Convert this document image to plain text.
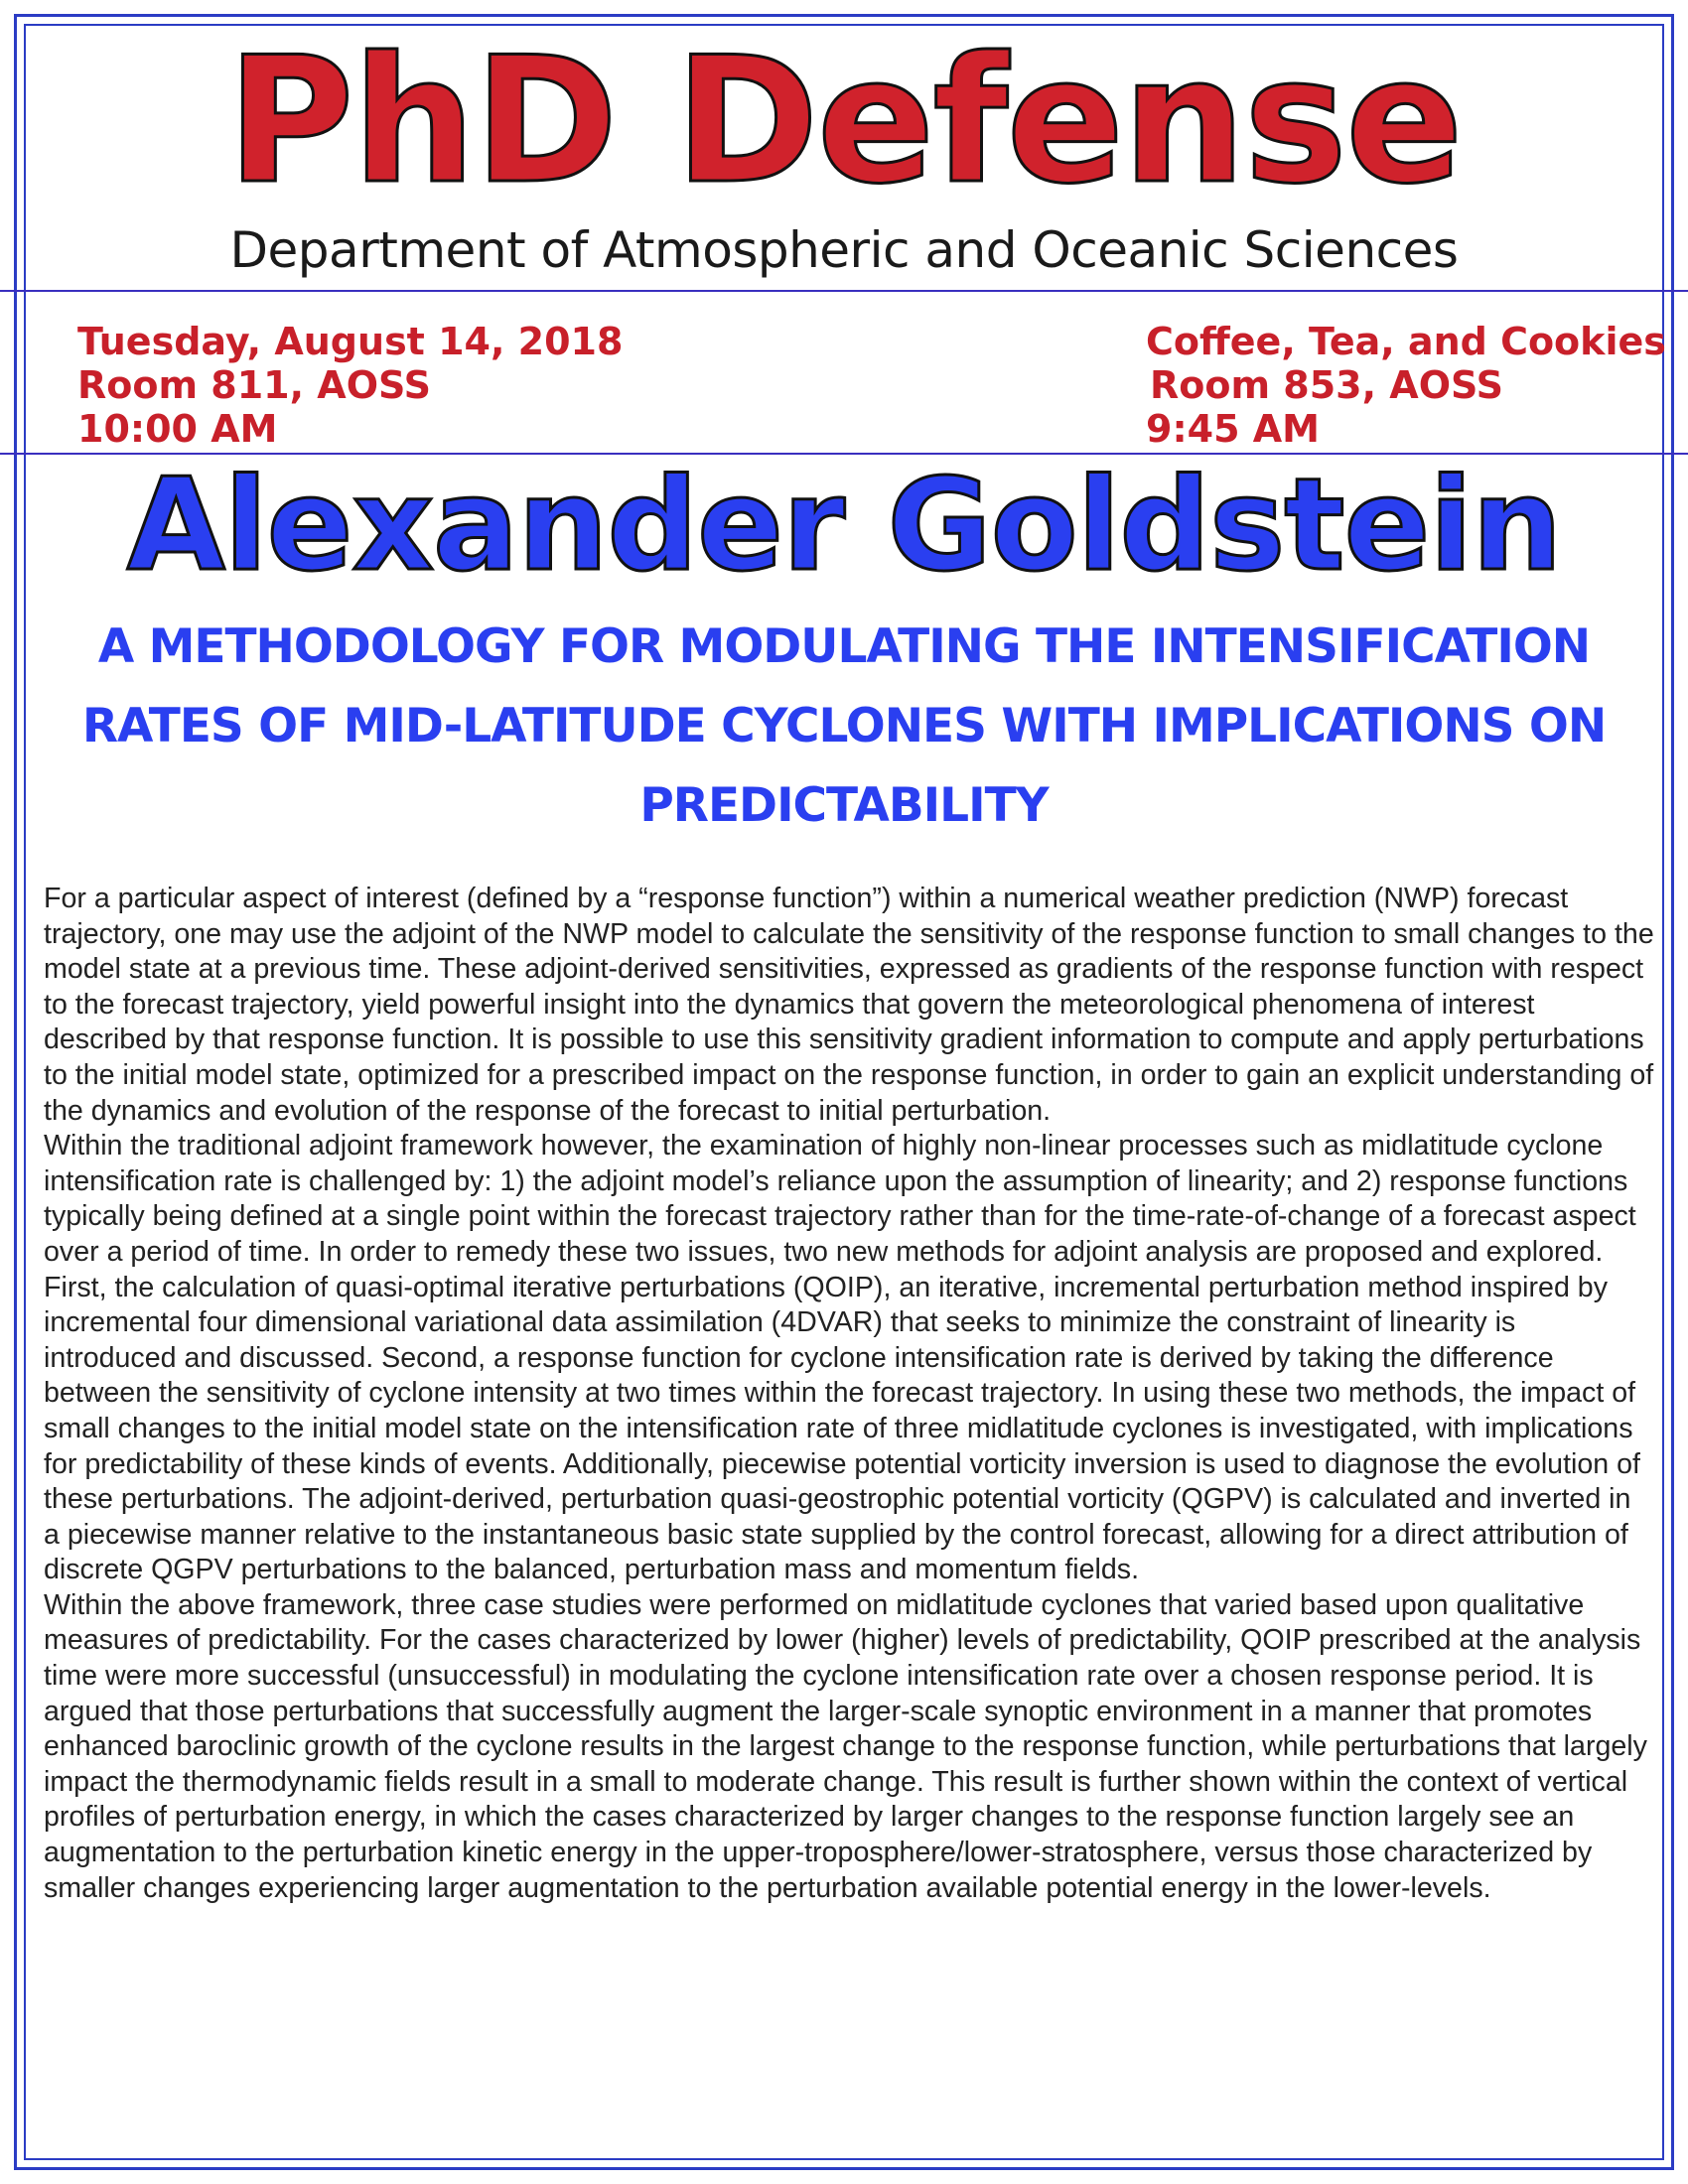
PhD Defense
Department of Atmospheric and Oceanic Sciences
Tuesday, August 14, 2018
Room 811, AOSS
10:00 AM
Coffee, Tea, and Cookies
Room 853, AOSS
9:45 AM
Alexander Goldstein
A METHODOLOGY FOR MODULATING THE INTENSIFICATION
RATES OF MID-LATITUDE CYCLONES WITH IMPLICATIONS ON
PREDICTABILITY

For a particular aspect of interest (defined by a “response function”) within a numerical weather prediction (NWP) forecast trajectory, one may use the adjoint of the NWP model to calculate the sensitivity of the response function to small changes to the model state at a previous time. These adjoint-derived sensitivities, expressed as gradients of the response function with respect to the forecast trajectory, yield powerful insight into the dynamics that govern the meteorological phenomena of interest described by that response function. It is possible to use this sensitivity gradient information to compute and apply perturbations to the initial model state, optimized for a prescribed impact on the response function, in order to gain an explicit understanding of the dynamics and evolution of the response of the forecast to initial perturbation.

Within the traditional adjoint framework however, the examination of highly non-linear processes such as midlatitude cyclone intensification rate is challenged by: 1) the adjoint model’s reliance upon the assumption of linearity; and 2) response functions typically being defined at a single point within the forecast trajectory rather than for the time-rate-of-change of a forecast aspect over a period of time. In order to remedy these two issues, two new methods for adjoint analysis are proposed and explored. First, the calculation of quasi-optimal iterative perturbations (QOIP), an iterative, incremental perturbation method inspired by incremental four dimensional variational data assimilation (4DVAR) that seeks to minimize the constraint of linearity is introduced and discussed. Second, a response function for cyclone intensification rate is derived by taking the difference between the sensitivity of cyclone intensity at two times within the forecast trajectory. In using these two methods, the impact of small changes to the initial model state on the intensification rate of three midlatitude cyclones is investigated, with implications for predictability of these kinds of events. Additionally, piecewise potential vorticity inversion is used to diagnose the evolution of these perturbations. The adjoint-derived, perturbation quasi-geostrophic potential vorticity (QGPV) is calculated and inverted in a piecewise manner relative to the instantaneous basic state supplied by the control forecast, allowing for a direct attribution of discrete QGPV perturbations to the balanced, perturbation mass and momentum fields.

Within the above framework, three case studies were performed on midlatitude cyclones that varied based upon qualitative measures of predictability. For the cases characterized by lower (higher) levels of predictability, QOIP prescribed at the analysis time were more successful (unsuccessful) in modulating the cyclone intensification rate over a chosen response period. It is argued that those perturbations that successfully augment the larger-scale synoptic environment in a manner that promotes enhanced baroclinic growth of the cyclone results in the largest change to the response function, while perturbations that largely impact the thermodynamic fields result in a small to moderate change. This result is further shown within the context of vertical profiles of perturbation energy, in which the cases characterized by larger changes to the response function largely see an augmentation to the perturbation kinetic energy in the upper-troposphere/lower-stratosphere, versus those characterized by smaller changes experiencing larger augmentation to the perturbation available potential energy in the lower-levels.
